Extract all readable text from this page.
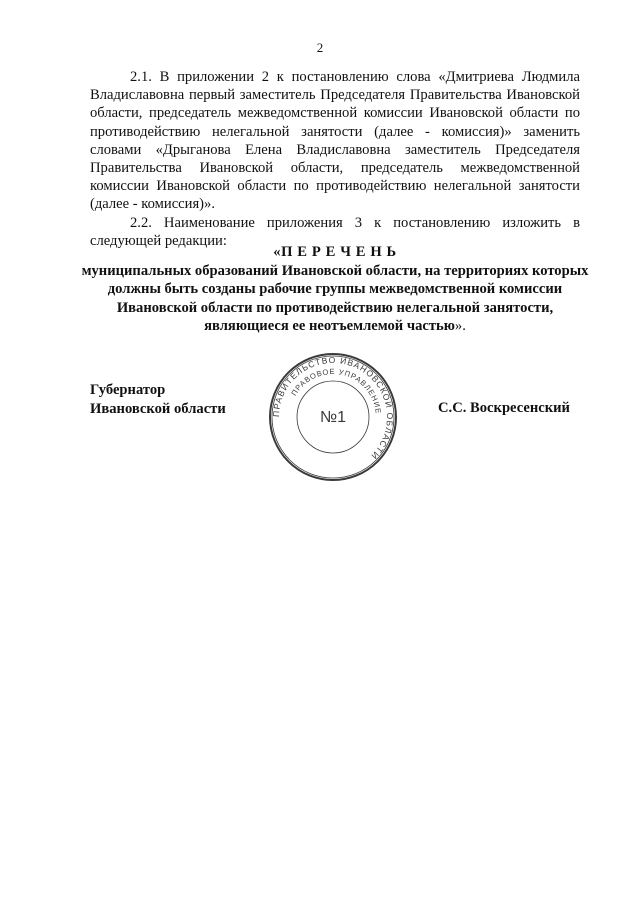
2

2.1. В приложении 2 к постановлению слова «Дмитриева Людмила Владиславовна первый заместитель Председателя Правительства Ивановской области, председатель межведомственной комиссии Ивановской области по противодействию нелегальной занятости (далее - комиссия)» заменить словами «Дрыганова Елена Владиславовна заместитель Председателя Правительства Ивановской области, председатель межведомственной комиссии Ивановской области по противодействию нелегальной занятости (далее - комиссия)».

2.2. Наименование приложения 3 к постановлению изложить в следующей редакции:

«П Е Р Е Ч Е Н Ь
муниципальных образований Ивановской области, на территориях которых должны быть созданы рабочие группы межведомственной комиссии Ивановской области по противодействию нелегальной занятости, являющиеся ее неотъемлемой частью».
Губернатор
Ивановской области	С.С. Воскресенский
ПРАВИТЕЛЬСТВО ИВАНОВСКОЙ ОБЛАСТИ
ПРАВОВОЕ УПРАВЛЕНИЕ
№1
